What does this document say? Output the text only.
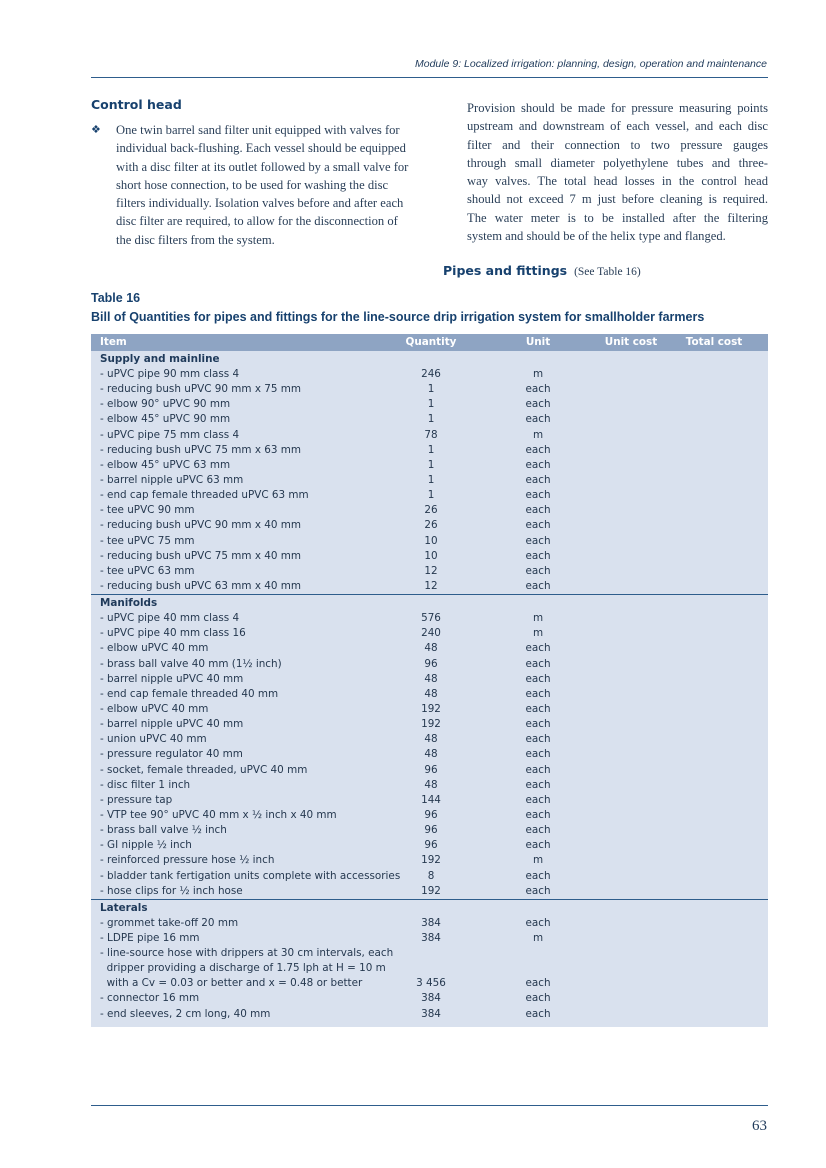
Module 9: Localized irrigation: planning, design, operation and maintenance
Control head
❖	One twin barrel sand filter unit equipped with valves for
individual back-flushing. Each vessel should be equipped
with a disc filter at its outlet followed by a small valve for
short hose connection, to be used for washing the disc
filters individually. Isolation valves before and after each
disc filter are required, to allow for the disconnection of
the disc filters from the system.

Provision should be made for pressure measuring points
upstream and downstream of each vessel, and each disc
filter and their connection to two pressure gauges
through small diameter polyethylene tubes and three-
way valves. The total head losses in the control head
should not exceed 7 m just before cleaning is required.
The water meter is to be installed after the filtering
system and should be of the helix type and flanged.

Pipes and fittings (See Table 16)
Table 16
Bill of Quantities for pipes and fittings for the line-source drip irrigation system for smallholder farmers
Item	Quantity	Unit	Unit cost	Total cost
Supply and mainline
- uPVC pipe 90 mm class 4	246	m
- reducing bush uPVC 90 mm x 75 mm	1	each
- elbow 90° uPVC 90 mm	1	each
- elbow 45° uPVC 90 mm	1	each
- uPVC pipe 75 mm class 4	78	m
- reducing bush uPVC 75 mm x 63 mm	1	each
- elbow 45° uPVC 63 mm	1	each
- barrel nipple uPVC 63 mm	1	each
- end cap female threaded uPVC 63 mm	1	each
- tee uPVC 90 mm	26	each
- reducing bush uPVC 90 mm x 40 mm	26	each
- tee uPVC 75 mm	10	each
- reducing bush uPVC 75 mm x 40 mm	10	each
- tee uPVC 63 mm	12	each
- reducing bush uPVC 63 mm x 40 mm	12	each
Manifolds
- uPVC pipe 40 mm class 4	576	m
- uPVC pipe 40 mm class 16	240	m
- elbow uPVC 40 mm	48	each
- brass ball valve 40 mm (1½ inch)	96	each
- barrel nipple uPVC 40 mm	48	each
- end cap female threaded 40 mm	48	each
- elbow uPVC 40 mm	192	each
- barrel nipple uPVC 40 mm	192	each
- union uPVC 40 mm	48	each
- pressure regulator 40 mm	48	each
- socket, female threaded, uPVC 40 mm	96	each
- disc filter 1 inch	48	each
- pressure tap	144	each
- VTP tee 90° uPVC 40 mm x ½ inch x 40 mm	96	each
- brass ball valve ½ inch	96	each
- GI nipple ½ inch	96	each
- reinforced pressure hose ½ inch	192	m
- bladder tank fertigation units complete with accessories	8	each
- hose clips for ½ inch hose	192	each
Laterals
- grommet take-off 20 mm	384	each
- LDPE pipe 16 mm	384	m
- line-source hose with drippers at 30 cm intervals, each
dripper providing a discharge of 1.75 lph at H = 10 m
with a Cv = 0.03 or better and x = 0.48 or better	3 456	each
- connector 16 mm	384	each
- end sleeves, 2 cm long, 40 mm	384	each
63
